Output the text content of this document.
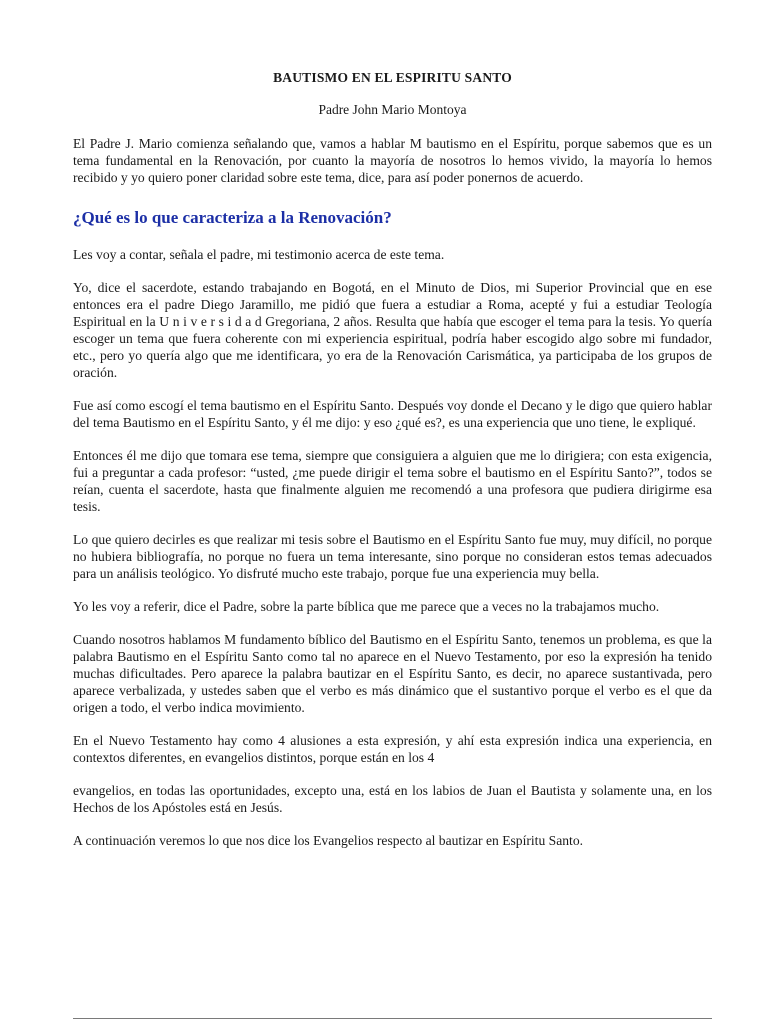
BAUTISMO EN EL ESPIRITU SANTO
Padre John Mario Montoya

El Padre J. Mario comienza señalando que, vamos a hablar M bautismo en el Espíritu, porque sabemos que es un tema fundamental en la Renovación, por cuanto la mayoría de nosotros lo hemos vivido, la mayoría lo hemos recibido y yo quiero poner claridad sobre este tema, dice, para así poder ponernos de acuerdo.

¿Qué es lo que caracteriza a la Renovación?

Les voy a contar, señala el padre, mi testimonio acerca de este tema.

Yo, dice el sacerdote, estando trabajando en Bogotá, en el Minuto de Dios, mi Superior Provincial que en ese entonces era el padre Diego Jaramillo, me pidió que fuera a estudiar a Roma, acepté y fui a estudiar Teología Espiritual en la U n i v e r s i d a d Gregoriana, 2 años. Resulta que había que escoger el tema para la tesis. Yo quería escoger un tema que fuera coherente con mi experiencia espiritual, podría haber escogido algo sobre mi fundador, etc., pero yo quería algo que me identificara, yo era de la Renovación Carismática, ya participaba de los grupos de oración.

Fue así como escogí el tema bautismo en el Espíritu Santo. Después voy donde el Decano y le digo que quiero hablar del tema Bautismo en el Espíritu Santo, y él me dijo: y eso ¿qué es?, es una experiencia que uno tiene, le expliqué.

Entonces él me dijo que tomara ese tema, siempre que consiguiera a alguien que me lo dirigiera; con esta exigencia, fui a preguntar a cada profesor: “usted, ¿me puede dirigir el tema sobre el bautismo en el Espíritu Santo?”, todos se reían, cuenta el sacerdote, hasta que finalmente alguien me recomendó a una profesora que pudiera dirigirme esa tesis.

Lo que quiero decirles es que realizar mi tesis sobre el Bautismo en el Espíritu Santo fue muy, muy difícil, no porque no hubiera bibliografía, no porque no fuera un tema interesante, sino porque no consideran estos temas adecuados para un análisis teológico. Yo disfruté mucho este trabajo, porque fue una experiencia muy bella.

Yo les voy a referir, dice el Padre, sobre la parte bíblica que me parece que a veces no la trabajamos mucho.

Cuando nosotros hablamos M fundamento bíblico del Bautismo en el Espíritu Santo, tenemos un problema, es que la palabra Bautismo en el Espíritu Santo como tal no aparece en el Nuevo Testamento, por eso la expresión ha tenido muchas dificultades. Pero aparece la palabra bautizar en el Espíritu Santo, es decir, no aparece sustantivada, pero aparece verbalizada, y ustedes saben que el verbo es más dinámico que el sustantivo porque el verbo es el que da origen a todo, el verbo indica movimiento.

En el Nuevo Testamento hay como 4 alusiones a esta expresión, y ahí esta expresión indica una experiencia, en contextos diferentes, en evangelios distintos, porque están en los 4

evangelios, en todas las oportunidades, excepto una, está en los labios de Juan el Bautista y solamente una, en los Hechos de los Apóstoles está en Jesús.

A continuación veremos lo que nos dice los Evangelios respecto al bautizar en Espíritu Santo.
